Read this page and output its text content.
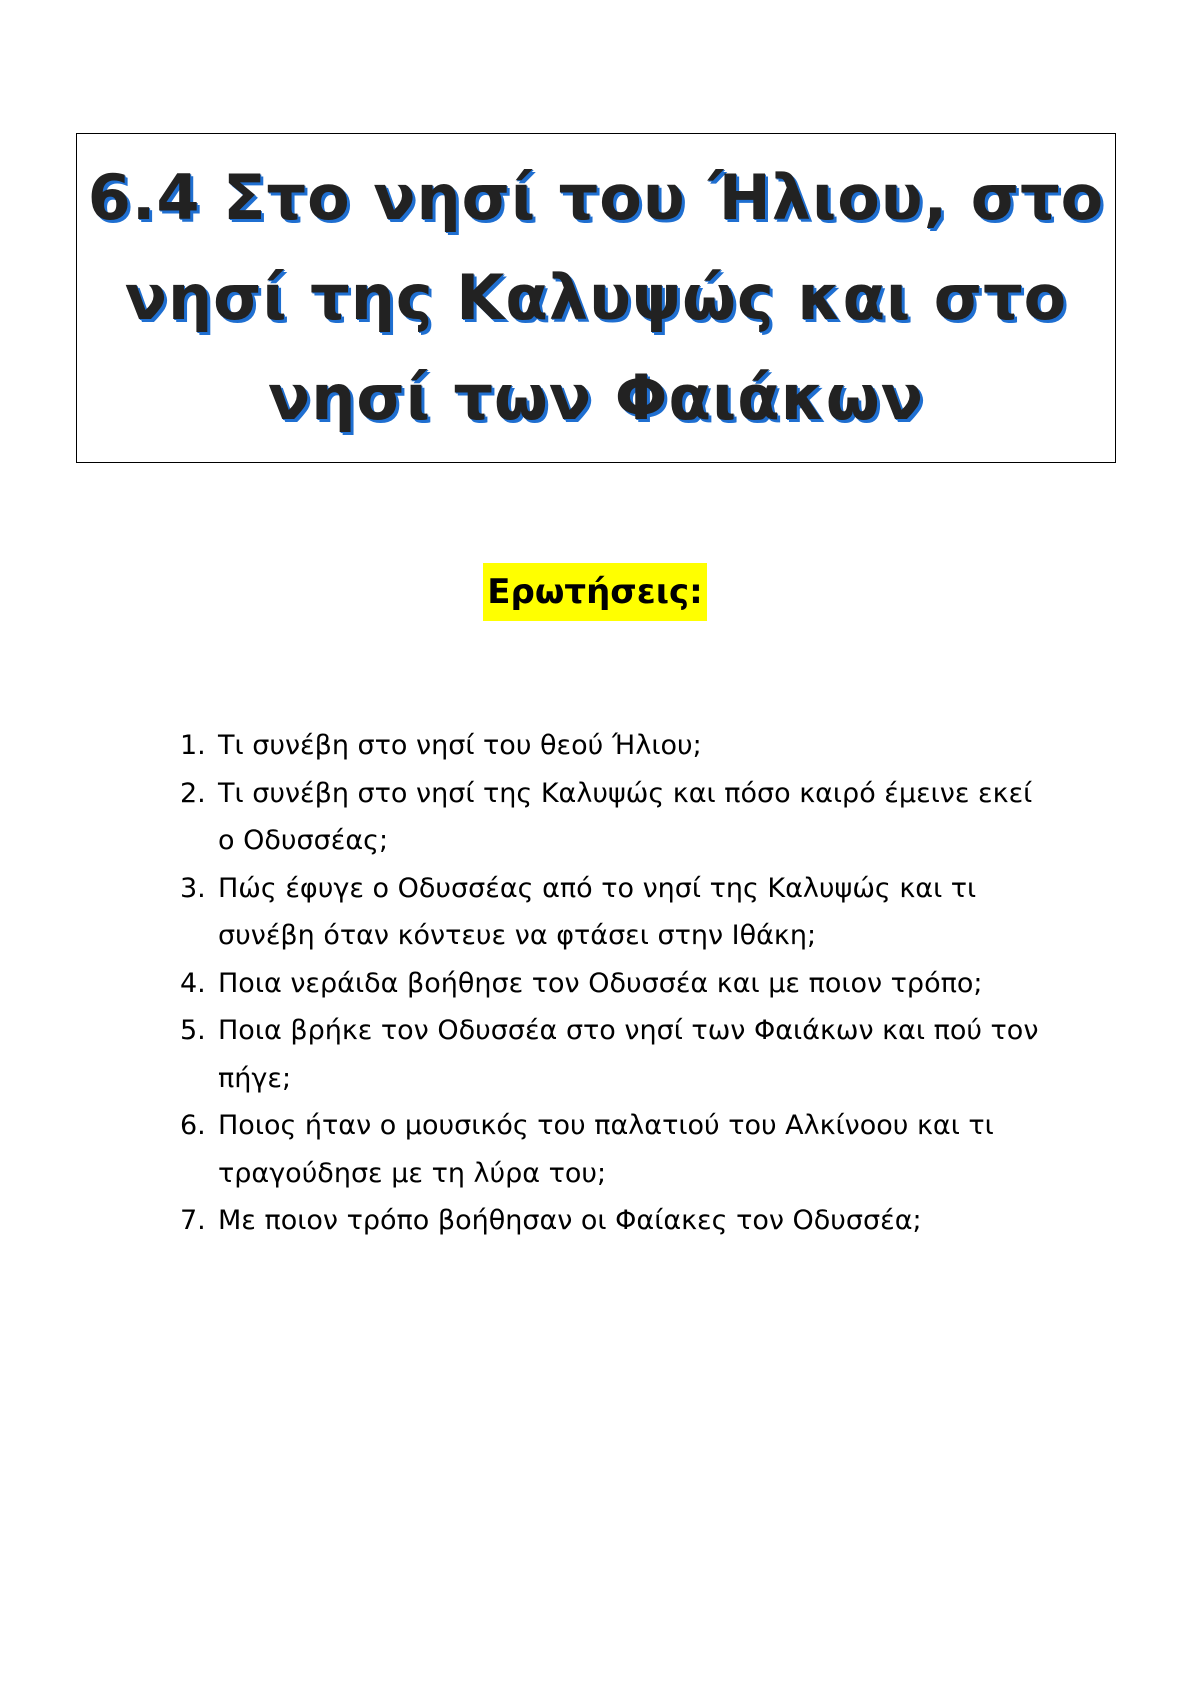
6.4 Στο νησί του Ήλιου, στο
νησί της Καλυψώς και στο
νησί των Φαιάκων
Ερωτήσεις:
1. Τι συνέβη στο νησί του θεού Ήλιου;
2. Τι συνέβη στο νησί της Καλυψώς και πόσο καιρό έμεινε εκεί ο Οδυσσέας;
3. Πώς έφυγε ο Οδυσσέας από το νησί της Καλυψώς και τι συνέβη όταν κόντευε να φτάσει στην Ιθάκη;
4. Ποια νεράιδα βοήθησε τον Οδυσσέα και με ποιον τρόπο;
5. Ποια βρήκε τον Οδυσσέα στο νησί των Φαιάκων και πού τον πήγε;
6. Ποιος ήταν ο μουσικός του παλατιού του Αλκίνοου και τι τραγούδησε με τη λύρα του;
7. Με ποιον τρόπο βοήθησαν οι Φαίακες τον Οδυσσέα;
